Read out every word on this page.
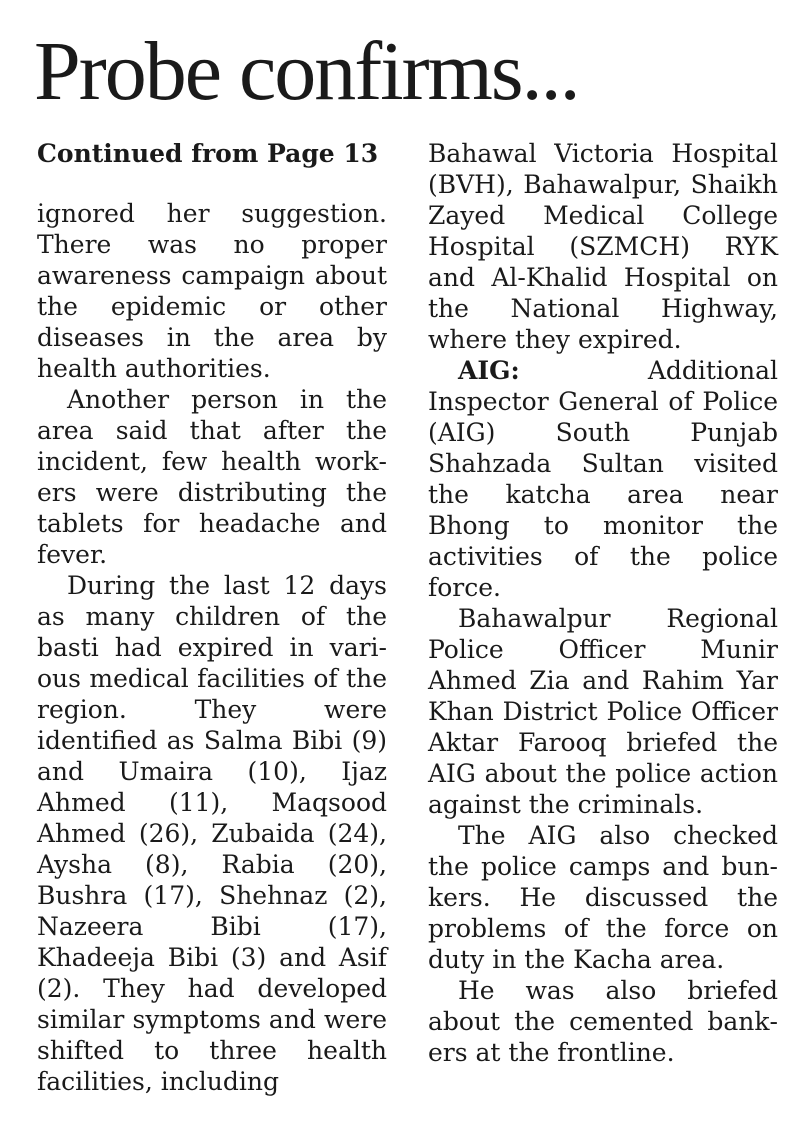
Probe confirms...
Continued from Page 13

ignored her suggestion. There was no proper awareness campaign about the epidemic or other diseases in the area by health authorities.

Another person in the area said that after the incident, few health workers were distributing the tablets for headache and fever.

During the last 12 days as many children of the basti had expired in various medical facilities of the region. They were identified as Salma Bibi (9) and Umaira (10), Ijaz Ahmed (11), Maqsood Ahmed (26), Zubaida (24), Aysha (8), Rabia (20), Bushra (17), Shehnaz (2), Nazeera Bibi (17), Khadeeja Bibi (3) and Asif (2). They had developed similar symptoms and were shifted to three health facilities, including

Bahawal Victoria Hospital (BVH), Bahawalpur, Shaikh Zayed Medical College Hospital (SZMCH) RYK and Al-Khalid Hospital on the National Highway, where they expired.

AIG: Additional Inspector General of Police (AIG) South Punjab Shahzada Sultan visited the katcha area near Bhong to monitor the activities of the police force.

Bahawalpur Regional Police Officer Munir Ahmed Zia and Rahim Yar Khan District Police Officer Aktar Farooq briefed the AIG about the police action against the criminals.

The AIG also checked the police camps and bunkers. He discussed the problems of the force on duty in the Kacha area.

He was also briefed about the cemented bankers at the frontline.
